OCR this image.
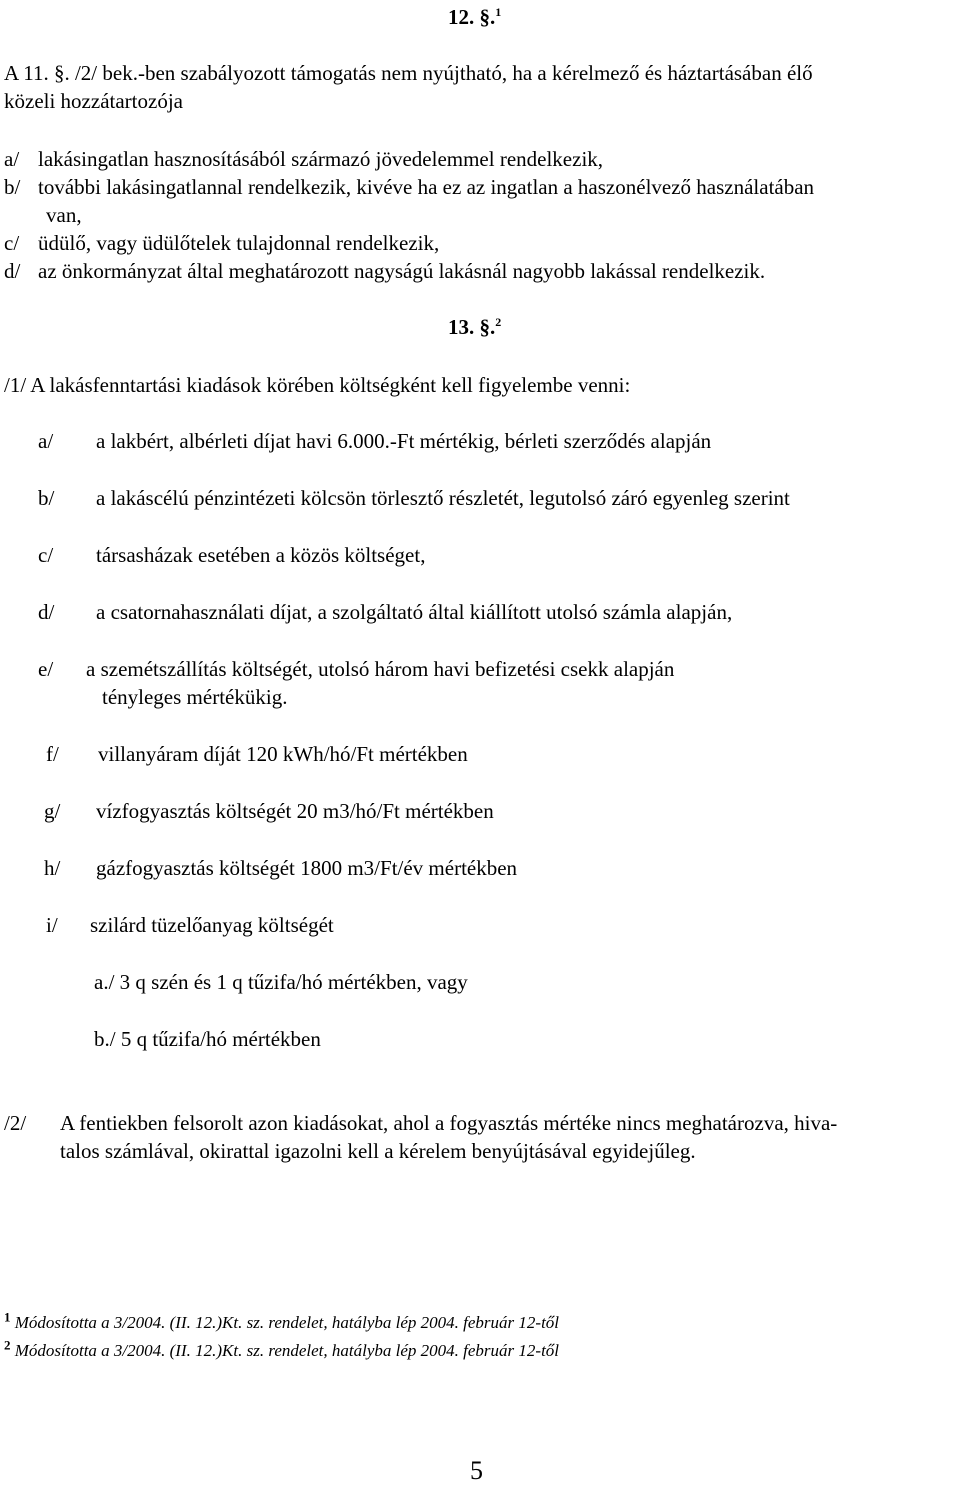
12. §.$^1$
A 11. §. /2/ bek.-ben szabályozott támogatás nem nyújtható, ha a kérelmező és háztartásában élő
közeli hozzátartozója
a/ lakásingatlan hasznosításából származó jövedelemmel rendelkezik,
b/ további lakásingatlannal rendelkezik, kivéve ha ez az ingatlan a haszonélvező használatában
van,
c/ üdülő, vagy üdülőtelek tulajdonnal rendelkezik,
d/ az önkormányzat által meghatározott nagyságú lakásnál nagyobb lakással rendelkezik.
13. §.$^2$
/1/ A lakásfenntartási kiadások körében költségként kell figyelembe venni:
a/ a lakbért, albérleti díjat havi 6.000.-Ft mértékig, bérleti szerződés alapján
b/ a lakáscélú pénzintézeti kölcsön törlesztő részletét, legutolsó záró egyenleg szerint
c/ társasházak esetében a közös költséget,
d/ a csatornahasználati díjat, a szolgáltató által kiállított utolsó számla alapján,
e/ a szemétszállítás költségét, utolsó három havi befizetési csekk alapján
tényleges mértékükig.
f/ villanyáram díját 120 kWh/hó/Ft mértékben
g/ vízfogyasztás költségét 20 m3/hó/Ft mértékben
h/ gázfogyasztás költségét 1800 m3/Ft/év mértékben
i/ szilárd tüzelőanyag költségét
a./ 3 q szén és 1 q tűzifa/hó mértékben, vagy
b./ 5 q tűzifa/hó mértékben
/2/ A fentiekben felsorolt azon kiadásokat, ahol a fogyasztás mértéke nincs meghatározva, hiva-
talos számlával, okirattal igazolni kell a kérelem benyújtásával egyidejűleg.
$^1$ Módosította a 3/2004. (II. 12.)Kt. sz. rendelet, hatályba lép 2004. február 12-től
$^2$ Módosította a 3/2004. (II. 12.)Kt. sz. rendelet, hatályba lép 2004. február 12-től
5
